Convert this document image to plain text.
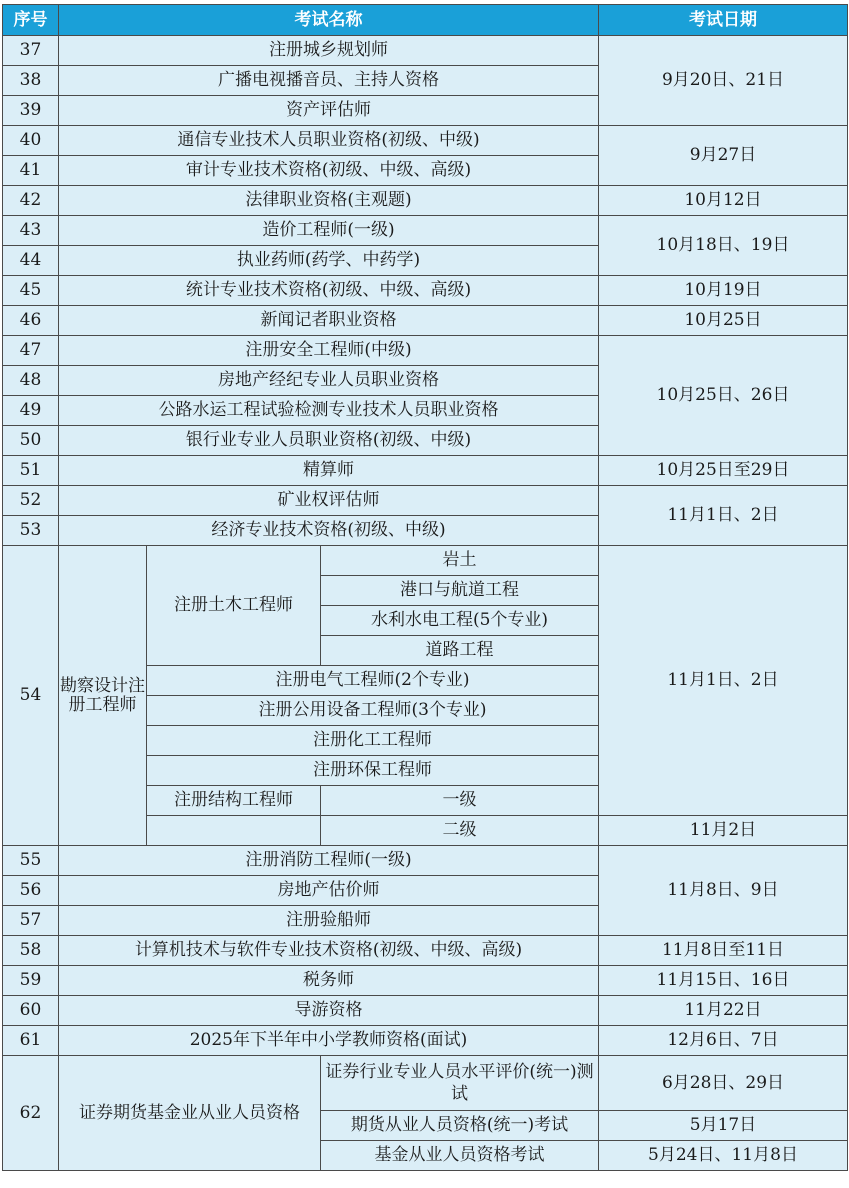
序号	考试名称			考试日期
37	注册城乡规划师			9月20日、21日
38	广播电视播音员、主持人资格			
39	资产评估师			
40	通信专业技术人员职业资格(初级、中级)			9月27日
41	审计专业技术资格(初级、中级、高级)			
42	法律职业资格(主观题)			10月12日
43	造价工程师(一级)			10月18日、19日
44	执业药师(药学、中药学)			
45	统计专业技术资格(初级、中级、高级)			10月19日
46	新闻记者职业资格			10月25日
47	注册安全工程师(中级)			10月25日、26日
48	房地产经纪专业人员职业资格			
49	公路水运工程试验检测专业技术人员职业资格			
50	银行业专业人员职业资格(初级、中级)			
51	精算师			10月25日至29日
52	矿业权评估师			11月1日、2日
53	经济专业技术资格(初级、中级)			
54	勘察设计注册工程师	注册土木工程师	岩土	11月1日、2日
			港口与航道工程	
			水利水电工程(5个专业)	
			道路工程	
		注册电气工程师(2个专业)		
		注册公用设备工程师(3个专业)		
		注册化工工程师		
		注册环保工程师		
		注册结构工程师	一级	
			二级	11月2日
55	注册消防工程师(一级)			11月8日、9日
56	房地产估价师			
57	注册验船师			
58	计算机技术与软件专业技术资格(初级、中级、高级)			11月8日至11日
59	税务师			11月15日、16日
60	导游资格			11月22日
61	2025年下半年中小学教师资格(面试)			12月6日、7日
62	证券期货基金业从业人员资格		证券行业专业人员水平评价(统一)测试	6月28日、29日
			期货从业人员资格(统一)考试	5月17日
			基金从业人员资格考试	5月24日、11月8日
